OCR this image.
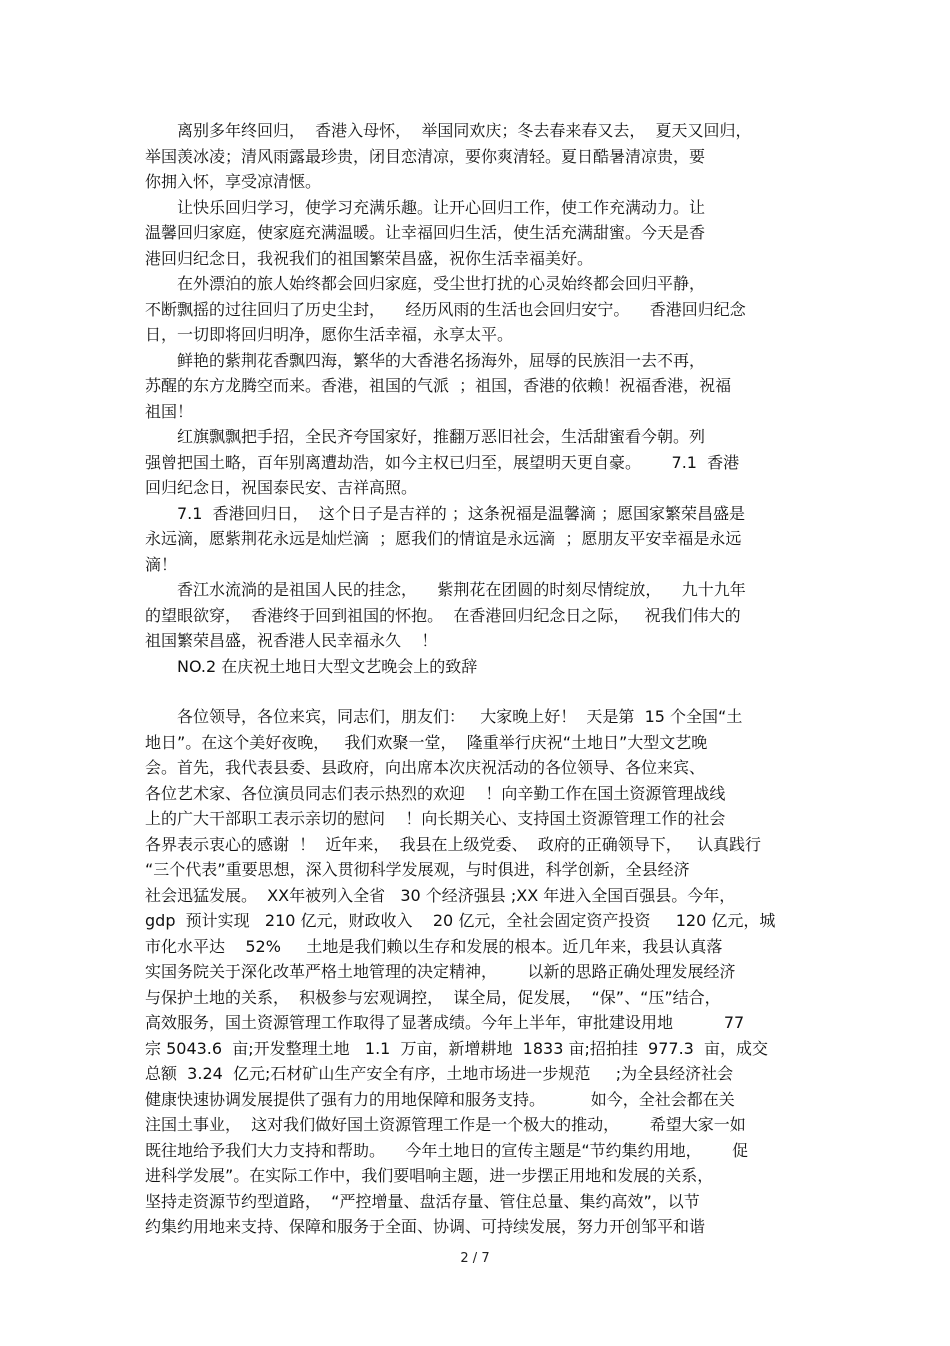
　　离别多年终回归，  香港入母怀，  举国同欢庆；冬去春来春又去，  夏天又回归，
举国羡冰凌；清风雨露最珍贵，闭目恋清凉，要你爽清轻。夏日酷暑清凉贵，要
你拥入怀，享受凉清惬。
　　让快乐回归学习，使学习充满乐趣。让开心回归工作，使工作充满动力。让
温馨回归家庭，使家庭充满温暖。让幸福回归生活，使生活充满甜蜜。今天是香
港回归纪念日，我祝我们的祖国繁荣昌盛，祝你生活幸福美好。
　　在外漂泊的旅人始终都会回归家庭，受尘世打扰的心灵始终都会回归平静，
不断飘摇的过往回归了历史尘封，    经历风雨的生活也会回归安宁。    香港回归纪念
日，一切即将回归明净，愿你生活幸福，永享太平。
　　鲜艳的紫荆花香飘四海，繁华的大香港名扬海外，屈辱的民族泪一去不再，
苏醒的东方龙腾空而来。香港，祖国的气派  ；祖国，香港的依赖！祝福香港，祝福
祖国！
　　红旗飘飘把手招，全民齐夸国家好，推翻万恶旧社会，生活甜蜜看今朝。列
强曾把国土略，百年别离遭劫浩，如今主权已归至，展望明天更自豪。      7.1  香港
回归纪念日，祝国泰民安、吉祥高照。
　　7.1  香港回归日，  这个日子是吉祥的 ；这条祝福是温馨滴 ；愿国家繁荣昌盛是
永远滴，愿紫荆花永远是灿烂滴  ；愿我们的情谊是永远滴  ；愿朋友平安幸福是永远
滴！
　　香江水流淌的是祖国人民的挂念，    紫荆花在团圆的时刻尽情绽放，    九十九年
的望眼欲穿，  香港终于回到祖国的怀抱。  在香港回归纪念日之际，   祝我们伟大的
祖国繁荣昌盛，祝香港人民幸福永久    ！
　　NO.2 在庆祝土地日大型文艺晚会上的致辞
　　各位领导，各位来宾，同志们，朋友们：   大家晚上好！  天是第  15 个全国“土
地日”。在这个美好夜晚，   我们欢聚一堂，  隆重举行庆祝“土地日”大型文艺晚
会。首先，我代表县委、县政府，向出席本次庆祝活动的各位领导、各位来宾、
各位艺术家、各位演员同志们表示热烈的欢迎    ！向辛勤工作在国土资源管理战线
上的广大干部职工表示亲切的慰问    ！向长期关心、支持国土资源管理工作的社会
各界表示衷心的感谢  ！  近年来，  我县在上级党委、  政府的正确领导下，   认真践行
“三个代表”重要思想，深入贯彻科学发展观，与时俱进，科学创新，全县经济
社会迅猛发展。  XX年被列入全省   30 个经济强县 ;XX 年进入全国百强县。今年，
gdp  预计实现   210 亿元，财政收入    20 亿元，全社会固定资产投资     120 亿元，城
市化水平达    52%     土地是我们赖以生存和发展的根本。近几年来，我县认真落
实国务院关于深化改革严格土地管理的决定精神，      以新的思路正确处理发展经济
与保护土地的关系，  积极参与宏观调控，  谋全局，促发展，  “保”、“压”结合，
高效服务，国土资源管理工作取得了显著成绩。今年上半年，审批建设用地          77
宗 5043.6  亩;开发整理土地   1.1  万亩，新增耕地  1833 亩;招拍挂  977.3  亩，成交
总额  3.24  亿元;石材矿山生产安全有序，土地市场进一步规范     ;为全县经济社会
健康快速协调发展提供了强有力的用地保障和服务支持。         如今，全社会都在关
注国土事业，  这对我们做好国土资源管理工作是一个极大的推动，      希望大家一如
既往地给予我们大力支持和帮助。    今年土地日的宣传主题是“节约集约用地，      促
进科学发展”。在实际工作中，我们要唱响主题，进一步摆正用地和发展的关系，
坚持走资源节约型道路，  “严控增量、盘活存量、管住总量、集约高效”，以节
约集约用地来支持、保障和服务于全面、协调、可持续发展，努力开创邹平和谐
2 / 7
